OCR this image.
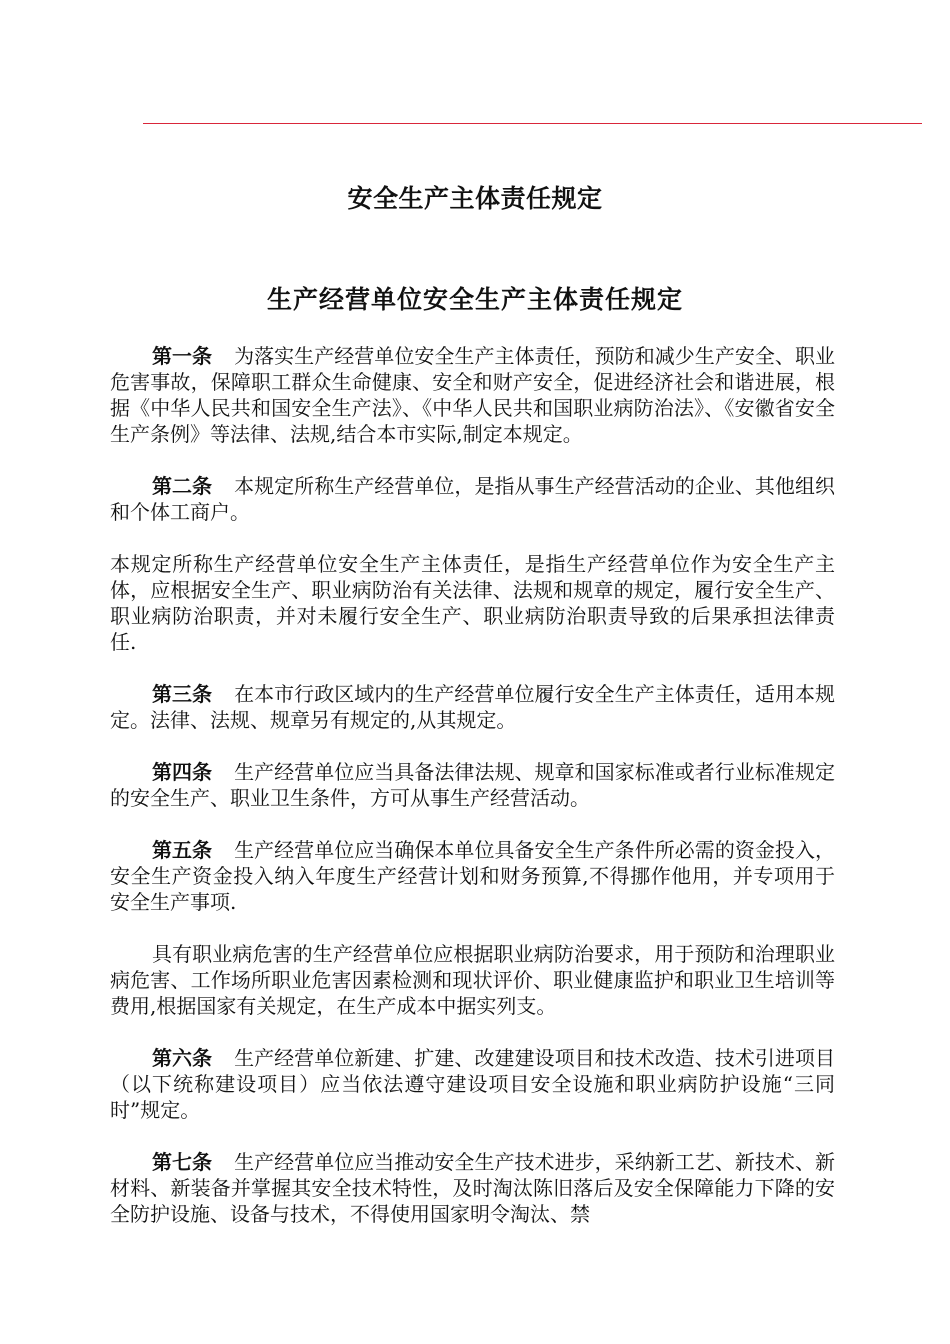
安全生产主体责任规定
生产经营单位安全生产主体责任规定

第一条 为落实生产经营单位安全生产主体责任，预防和减少生产安全、职业危害事故，保障职工群众生命健康、安全和财产安全，促进经济社会和谐进展，根据《中华人民共和国安全生产法》、《中华人民共和国职业病防治法》、《安徽省安全生产条例》等法律、法规,结合本市实际,制定本规定。

第二条 本规定所称生产经营单位，是指从事生产经营活动的企业、其他组织和个体工商户。

本规定所称生产经营单位安全生产主体责任，是指生产经营单位作为安全生产主体，应根据安全生产、职业病防治有关法律、法规和规章的规定，履行安全生产、职业病防治职责，并对未履行安全生产、职业病防治职责导致的后果承担法律责任.

第三条 在本市行政区域内的生产经营单位履行安全生产主体责任，适用本规定。法律、法规、规章另有规定的,从其规定。

第四条 生产经营单位应当具备法律法规、规章和国家标准或者行业标准规定的安全生产、职业卫生条件，方可从事生产经营活动。

第五条 生产经营单位应当确保本单位具备安全生产条件所必需的资金投入，安全生产资金投入纳入年度生产经营计划和财务预算,不得挪作他用，并专项用于安全生产事项.

具有职业病危害的生产经营单位应根据职业病防治要求，用于预防和治理职业病危害、工作场所职业危害因素检测和现状评价、职业健康监护和职业卫生培训等费用,根据国家有关规定，在生产成本中据实列支。

第六条 生产经营单位新建、扩建、改建建设项目和技术改造、技术引进项目（以下统称建设项目）应当依法遵守建设项目安全设施和职业病防护设施“三同时”规定。

第七条 生产经营单位应当推动安全生产技术进步，采纳新工艺、新技术、新材料、新装备并掌握其安全技术特性，及时淘汰陈旧落后及安全保障能力下降的安全防护设施、设备与技术，不得使用国家明令淘汰、禁
